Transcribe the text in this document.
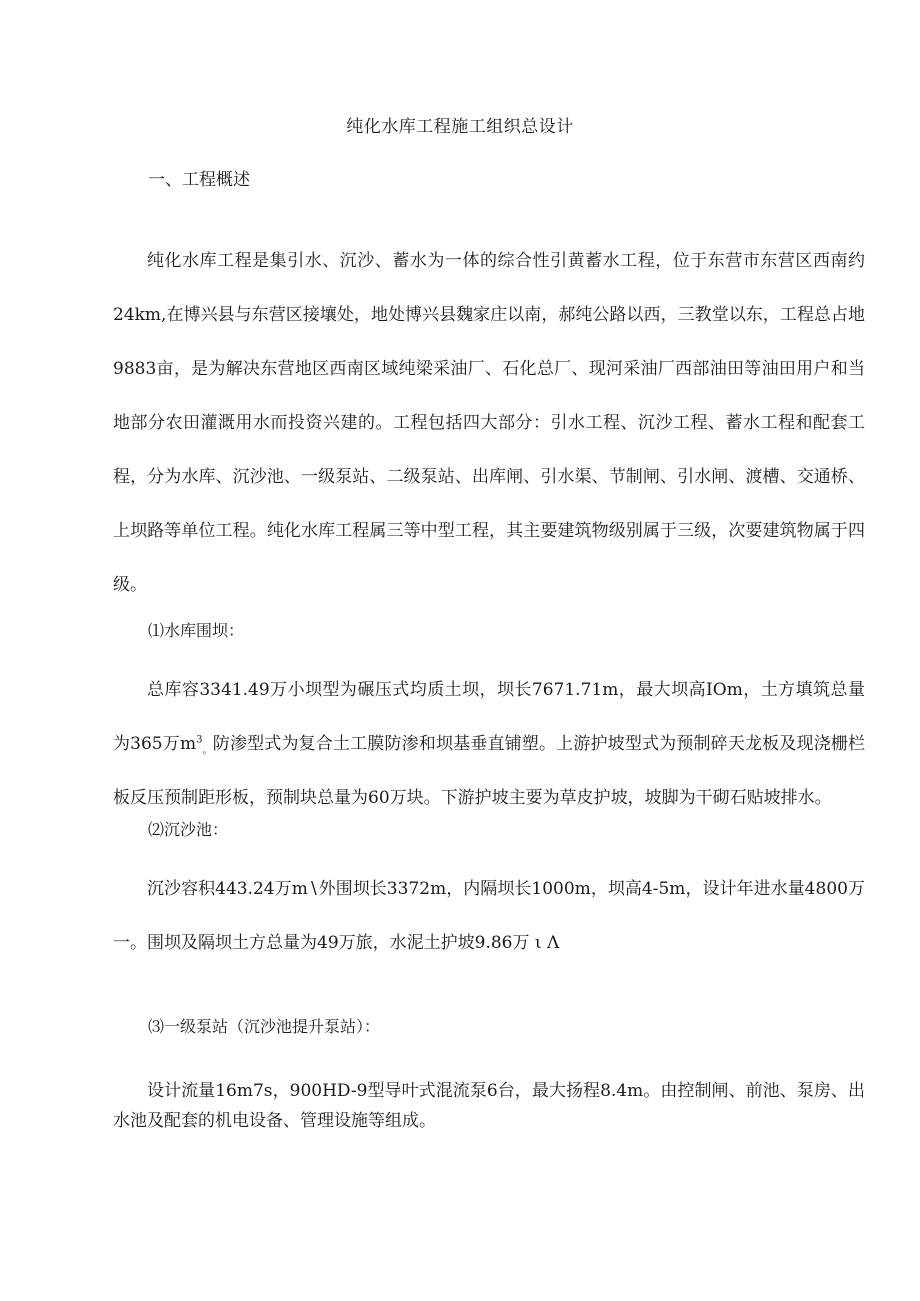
纯化水库工程施工组织总设计
一、工程概述

纯化水库工程是集引水、沉沙、蓄水为一体的综合性引黄蓄水工程，位于东营市东营区西南约24km,在博兴县与东营区接壤处，地处博兴县魏家庄以南，郝纯公路以西，三教堂以东，工程总占地9883亩，是为解决东营地区西南区域纯梁采油厂、石化总厂、现河采油厂西部油田等油田用户和当地部分农田灌溉用水而投资兴建的。工程包括四大部分：引水工程、沉沙工程、蓄水工程和配套工程，分为水库、沉沙池、一级泵站、二级泵站、出库闸、引水渠、节制闸、引水闸、渡槽、交通桥、上坝路等单位工程。纯化水库工程属三等中型工程，其主要建筑物级别属于三级，次要建筑物属于四级。

⑴水库围坝：

总库容3341.49万小坝型为碾压式均质土坝，坝长7671.71m，最大坝高IOm，土方填筑总量为365万$m^3_。$防渗型式为复合土工膜防渗和坝基垂直铺塑。上游护坡型式为预制碎天龙板及现浇栅栏板反压预制距形板，预制块总量为60万块。下游护坡主要为草皮护坡，坡脚为干砌石贴坡排水。

⑵沉沙池：

沉沙容积443.24万m∖外围坝长3372m，内隔坝长1000m，坝高4-5m，设计年进水量4800万一。围坝及隔坝土方总量为49万旅，水泥土护坡9.86万 ι Λ

⑶一级泵站（沉沙池提升泵站）：

设计流量16m7s，900HD-9型导叶式混流泵6台，最大扬程8.4m。由控制闸、前池、泵房、出水池及配套的机电设备、管理设施等组成。
